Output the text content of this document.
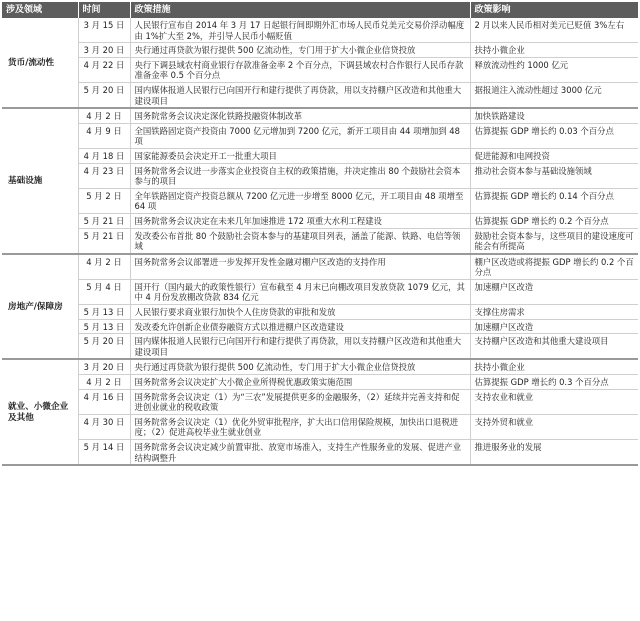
涉及领域	时间	政策措施	政策影响
货币/流动性	3 月 15 日	人民银行宣布自 2014 年 3 月 17 日起银行间即期外汇市场人民币兑美元交易价浮动幅度由 1%扩大至 2%，并引导人民币小幅贬值	2 月以来人民币相对美元已贬值 3%左右
	3 月 20 日	央行通过再贷款为银行提供 500 亿流动性，专门用于扩大小微企业信贷投放	扶持小微企业
	4 月 22 日	央行下调县域农村商业银行存款准备金率 2 个百分点，下调县域农村合作银行人民币存款准备金率 0.5 个百分点	释放流动性约 1000 亿元
	5 月 20 日	国内媒体报道人民银行已向国开行和建行提供了再贷款，用以支持棚户区改造和其他重大建设项目	据报道注入流动性超过 3000 亿元
基础设施	4 月 2 日	国务院常务会议决定深化铁路投融资体制改革	加快铁路建设
	4 月 9 日	全国铁路固定资产投资由 7000 亿元增加到 7200 亿元，新开工项目由 44 项增加到 48 项	估算提振 GDP 增长约 0.03 个百分点
	4 月 18 日	国家能源委员会决定开工一批重大项目	促进能源和电网投资
	4 月 23 日	国务院常务会议进一步落实企业投资自主权的政策措施，并决定推出 80 个鼓励社会资本参与的项目	推动社会资本参与基础设施领域
	5 月 2 日	全年铁路固定资产投资总额从 7200 亿元进一步增至 8000 亿元，开工项目由 48 项增至 64 项	估算提振 GDP 增长约 0.14 个百分点
	5 月 21 日	国务院常务会议决定在未来几年加速推进 172 项重大水利工程建设	估算提振 GDP 增长约 0.2 个百分点
	5 月 21 日	发改委公布首批 80 个鼓励社会资本参与的基建项目列表，涵盖了能源、铁路、电信等领域	鼓励社会资本参与，这些项目的建设速度可能会有所提高
房地产/保障房	4 月 2 日	国务院常务会议部署进一步发挥开发性金融对棚户区改造的支持作用	棚户区改造或将提振 GDP 增长约 0.2 个百分点
	5 月 4 日	国开行（国内最大的政策性银行）宣布截至 4 月末已向棚改项目发放贷款 1079 亿元，其中 4 月份发放棚改贷款 834 亿元	加速棚户区改造
	5 月 13 日	人民银行要求商业银行加快个人住房贷款的审批和发放	支撑住房需求
	5 月 13 日	发改委允许创新企业债券融资方式以推进棚户区改造建设	加速棚户区改造
	5 月 20 日	国内媒体报道人民银行已向国开行和建行提供了再贷款，用以支持棚户区改造和其他重大建设项目	支持棚户区改造和其他重大建设项目
就业、小微企业及其他	3 月 20 日	央行通过再贷款为银行提供 500 亿流动性，专门用于扩大小微企业信贷投放	扶持小微企业
	4 月 2 日	国务院常务会议决定扩大小微企业所得税优惠政策实施范围	估算提振 GDP 增长约 0.3 个百分点
	4 月 16 日	国务院常务会议决定（1）为“三农”发展提供更多的金融服务，（2）延续并完善支持和促进创业就业的税收政策	支持农业和就业
	4 月 30 日	国务院常务会议决定（1）优化外贸审批程序，扩大出口信用保险规模，加快出口退税进度；（2）促进高校毕业生就业创业	支持外贸和就业
	5 月 14 日	国务院常务会议决定减少前置审批、放宽市场准入，支持生产性服务业的发展、促进产业结构调整升	推进服务业的发展
